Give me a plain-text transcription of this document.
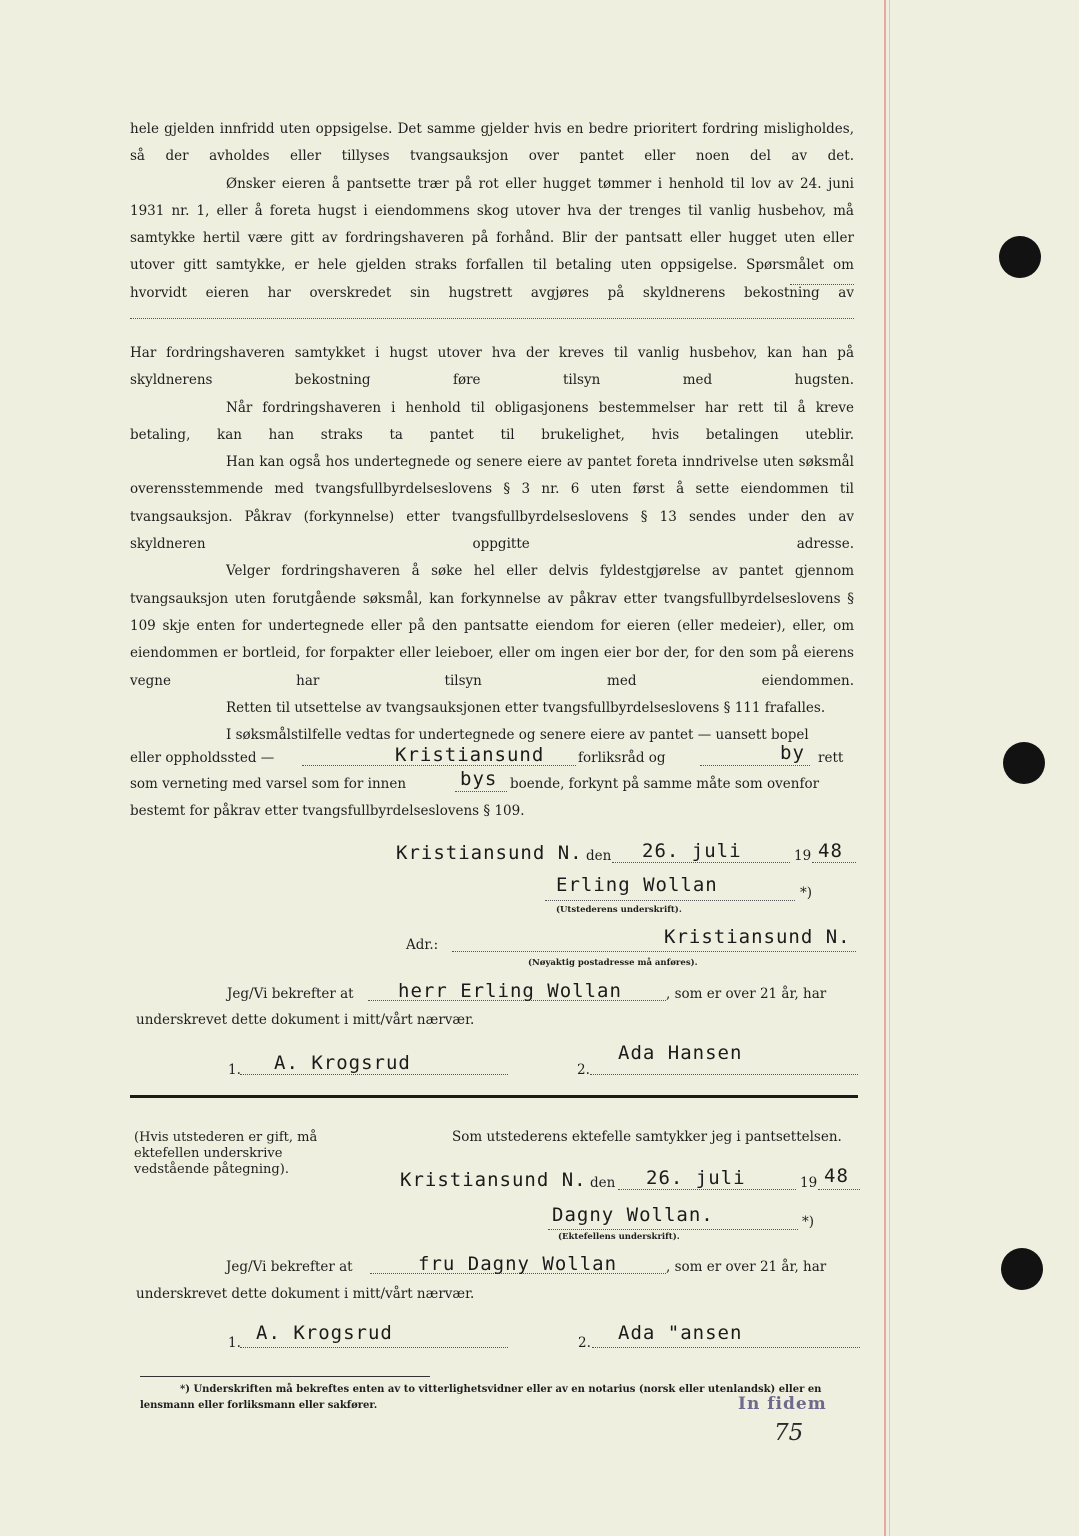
hele gjelden innfridd uten oppsigelse. Det samme gjelder hvis en bedre prioritert fordring misligholdes, så der avholdes eller tillyses tvangsauksjon over pantet eller noen del av det.

Ønsker eieren å pantsette trær på rot eller hugget tømmer i henhold til lov av 24. juni 1931 nr. 1, eller å foreta hugst i eiendommens skog utover hva der trenges til vanlig husbehov, må samtykke hertil være gitt av fordringshaveren på forhånd. Blir der pantsatt eller hugget uten eller utover gitt samtykke, er hele gjelden straks forfallen til betaling uten oppsigelse. Spørsmålet om hvorvidt eieren har overskredet sin hugstrett avgjøres på skyldnerens bekostning av

Har fordringshaveren samtykket i hugst utover hva der kreves til vanlig husbehov, kan han på skyldnerens bekostning føre tilsyn med hugsten.

Når fordringshaveren i henhold til obligasjonens bestemmelser har rett til å kreve betaling, kan han straks ta pantet til brukelighet, hvis betalingen uteblir.

Han kan også hos undertegnede og senere eiere av pantet foreta inndrivelse uten søksmål overensstemmende med tvangsfullbyrdelseslovens § 3 nr. 6 uten først å sette eiendommen til tvangsauksjon. Påkrav (forkynnelse) etter tvangsfullbyrdelseslovens § 13 sendes under den av skyldneren oppgitte adresse.

Velger fordringshaveren å søke hel eller delvis fyldestgjørelse av pantet gjennom tvangsauksjon uten forutgående søksmål, kan forkynnelse av påkrav etter tvangsfullbyrdelseslovens § 109 skje enten for undertegnede eller på den pantsatte eiendom for eieren (eller medeier), eller, om eiendommen er bortleid, for forpakter eller leieboer, eller om ingen eier bor der, for den som på eierens vegne har tilsyn med eiendommen.

Retten til utsettelse av tvangsauksjonen etter tvangsfullbyrdelseslovens § 111 frafalles.

I søksmålstilfelle vedtas for undertegnede og senere eiere av pantet — uansett bopel

eller oppholdssted —	Kristiansund forliksråd og	by rett
som verneting med varsel som for innen	bys boende, forkynt på samme måte som ovenfor
bestemt for påkrav etter tvangsfullbyrdelseslovens § 109.
Kristiansund N. den 26. juli	19 48
Erling Wollan	*)
(Utstederens underskrift).
Adr.:	Kristiansund N.
(Nøyaktig postadresse må anføres).
Jeg/Vi bekrefter at herr Erling Wollan	, som er over 21 år, har
underskrevet dette dokument i mitt/vårt nærvær.
1. A. Krogsrud	2.
Ada Hansen
(Hvis utstederen er gift, må ektefellen underskrive vedstående påtegning).
Som utstederens ektefelle samtykker jeg i pantsettelsen.
Kristiansund N. den 26. juli	19 48
Dagny Wollan.	*)
(Ektefellens underskrift).
Jeg/Vi bekrefter at	fru Dagny Wollan	, som er over 21 år, har
underskrevet dette dokument i mitt/vårt nærvær.
1. A. Krogsrud	2. Ada "ansen
*) Underskriften må bekreftes enten av to vitterlighetsvidner eller av en notarius (norsk eller utenlandsk) eller en lensmann eller forliksmann eller sakfører.	In fidem
75
